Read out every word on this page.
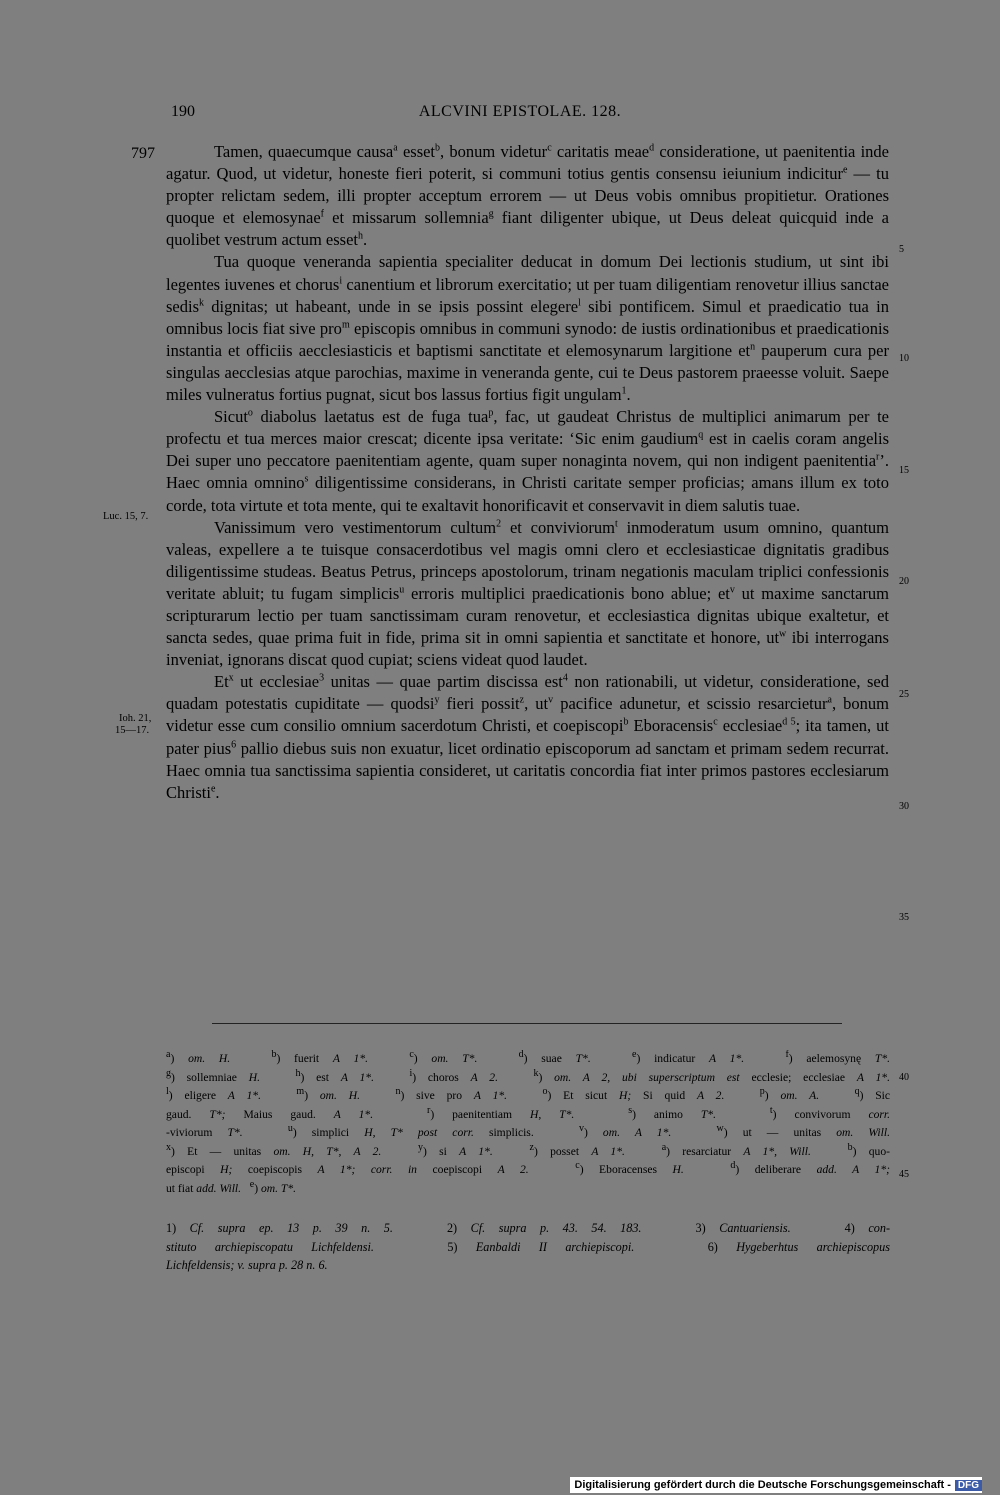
190	ALCVINI EPISTOLAE. 128.
797	Tamen, quaecumque causa$^a$ esset$^b$, bonum videtur$^c$ caritatis meae$^d$ consideratione, ut paenitentia inde agatur. Quod, ut videtur, honeste fieri poterit, si communi totius gentis consensu ieiunium indicitur$^e$ — tu propter relictam sedem, illi propter acceptum errorem — ut Deus vobis omnibus propitietur. Orationes quoque et elemosynae$^f$ et missarum sollemnia$^g$ fiant diligenter ubique, ut Deus deleat quicquid inde a quolibet vestrum actum esset$^h$.

Tua quoque veneranda sapientia specialiter deducat in domum Dei lectionis studium, ut sint ibi legentes iuvenes et chorus$^i$ canentium et librorum exercitatio; ut per tuam diligentiam renovetur illius sanctae sedis$^k$ dignitas; ut habeant, unde in se ipsis possint elegere$^l$ sibi pontificem. Simul et praedicatio tua in omnibus locis fiat sive pro$^m$ episcopis omnibus in communi synodo: de iustis ordinationibus et praedicationis instantia et officiis aecclesiasticis et baptismi sanctitate et elemosynarum largitione $et^n$ pauperum cura per singulas aecclesias atque parochias, maxime in veneranda gente, cui te Deus pastorem praeesse voluit. Saepe miles vulneratus fortius pugnat, sicut bos lassus fortius figit ungulam$^1$.

Sicut$^o$ diabolus laetatus est de fuga tua$^p$, fac, ut gaudeat Christus de multiplici animarum per te profectu et tua merces maior crescat; dicente ipsa veritate: ‘Sic enim gaudium$^q$ est in caelis coram angelis Dei super uno peccatore paenitentiam agente, quam super nonaginta novem, qui non indigent paenitentia$^r$’. Haec omnia omnino$^s$ diligentissime considerans, in Christi caritate semper proficias; amans illum ex toto corde, tota virtute et tota mente, qui te exaltavit honorificavit et conservavit in diem salutis tuae.

Vanissimum vero vestimentorum cultum$^2$ et conviviorum$^t$ inmoderatum usum omnino, quantum valeas, expellere a te tuisque consacerdotibus vel magis omni clero et ecclesiasticae dignitatis gradibus diligentissime studeas. Beatus Petrus, princeps apostolorum, trinam negationis maculam triplici confessionis veritate abluit; tu fugam simplicis$^u$ erroris multiplici praedicationis bono ablue; $et^v$ ut maxime sanctarum scripturarum lectio per tuam sanctissimam curam renovetur, et ecclesiastica dignitas ubique exaltetur, et sancta sedes, quae prima fuit in fide, prima sit in omni sapientia et sanctitate et honore, $ut^w$ ibi interrogans inveniat, ignorans discat quod cupiat; sciens videat quod laudet.

Et$^x$ ut ecclesiae$^3$ unitas — quae partim discissa est$^4$ non rationabili, ut videtur, consideratione, sed quadam potestatis cupiditate — quodsi$^y$ fieri possit$^z$, $ut^v$ pacifice adunetur, et scissio resarcietur$^a$, bonum videtur esse cum consilio omnium sacerdotum Christi, et coepiscopi$^b$ Eboracensis$^c$ ecclesiae$^{d 5}$; ita tamen, ut pater pius$^6$ pallio diebus suis non exuatur, licet ordinatio episcoporum ad sanctam et primam sedem recurrat. Haec omnia tua sanctissima sapientia consideret, ut caritatis concordia fiat inter primos pastores ecclesiarum Christi$^e$.

Luc. 15, 7.
Ioh. 21,
15—17.
5
10
15
20
25
30
35
$^a$) om. H.	$^b$) fuerit A 1*.	$^c$) om. T*.	$^d$) suae T*.	$^e$) indicatur A 1*.	$^f$) aelemosynę T*.
$^g$) sollemniae H.	$^h$) est A 1*.	$^i$) choros A 2.	$^k$) om. A 2, ubi superscriptum est ecclesie; ecclesiae A 1*.
$^l$) eligere A 1*.	$^m$) om. H.	$^n$) sive pro A 1*.	$^o$) Et sicut H; Si quid A 2.	$^p$) om. A.	$^q$) Sic
gaud. T*; Maius gaud. A 1*.	$^r$) paenitentiam H, T*.	$^s$) animo T*.	$^t$) convivorum corr.
-viviorum T*.	$^u$) simplici H, T* post corr. simplicis.   $^v$) om. A 1*.	$^w$) ut — unitas om. Will.
$^x$) Et — unitas om. H, T*, A 2.	$^y$) si A 1*.	$^z$) posset A 1*.	$^a$) resarciatur A 1*, Will.	$^b$) quo-
episcopi H; coepiscopis A 1*; corr. in coepiscopi A 2.	$^c$) Eboracenses H.	$^d$) deliberare add. A 1*;
ut fiat add. Will. $^e$) om. T*.
40
45
1) Cf. supra ep. 13 p. 39 n. 5.    2) Cf. supra p. 43. 54. 183.    3) Cantuariensis.    4) con-
stituto archiepiscopatu Lichfeldensi.    5) Eanbaldi II archiepiscopi.    6) Hygeberhtus archiepiscopus
Lichfeldensis; v. supra p. 28 n. 6.
Digitalisierung gefördert durch die Deutsche Forschungsgemeinschaft - DFG
